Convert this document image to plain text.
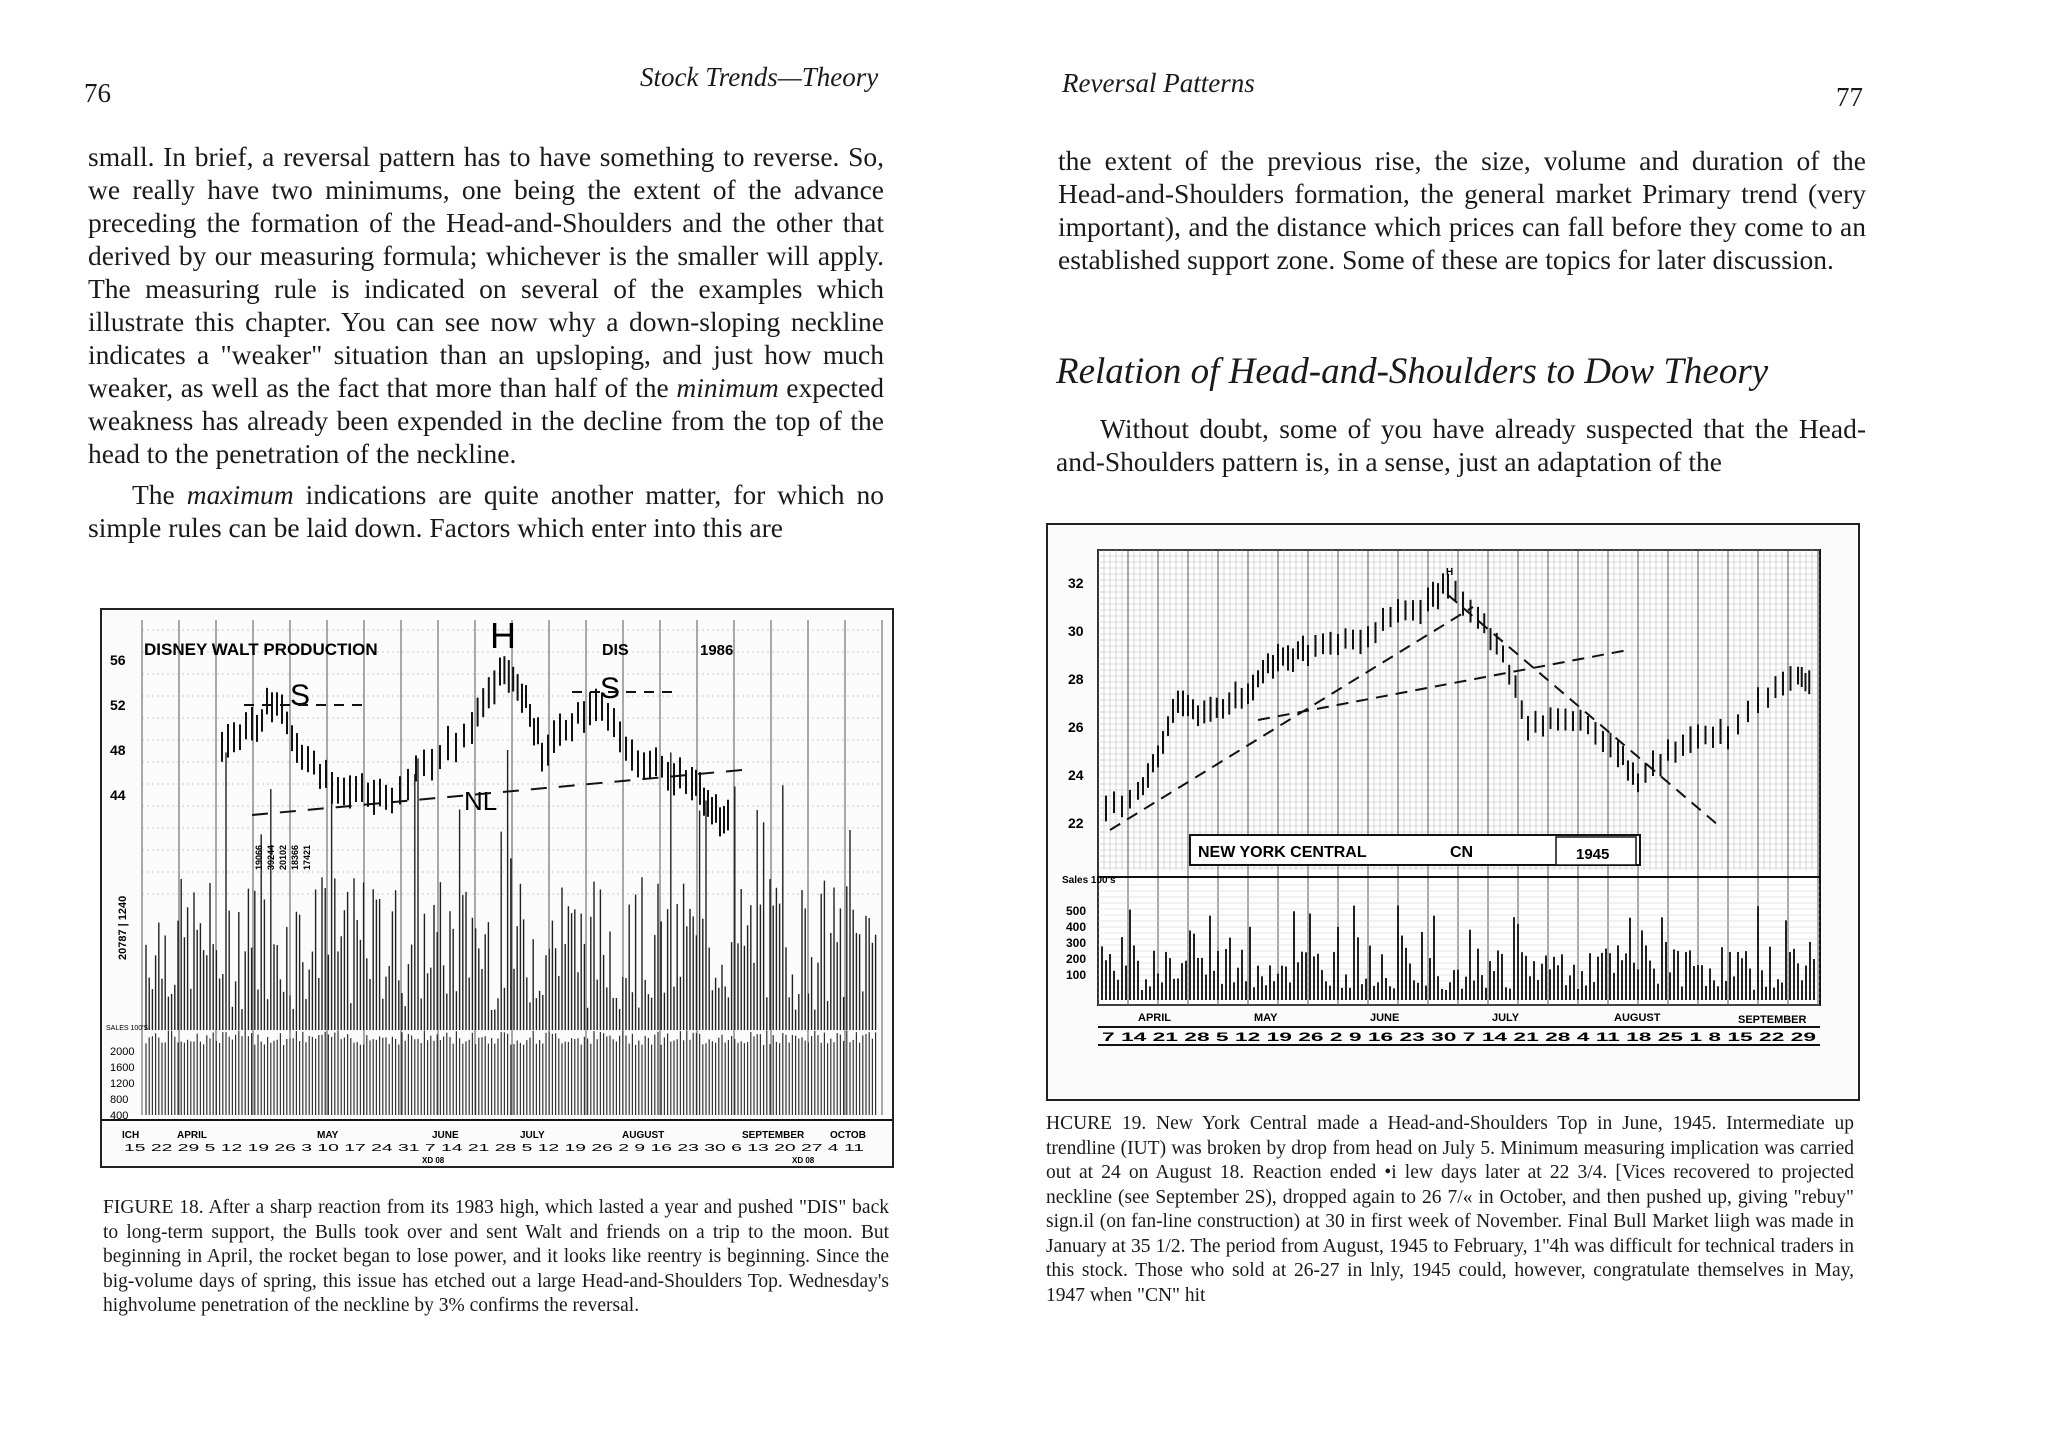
76
Stock Trends—Theory

small. In brief, a reversal pattern has to have something to reverse. So, we really have two minimums, one being the extent of the advance preceding the formation of the Head-and-Shoulders and the other that derived by our measuring formula; whichever is the smaller will apply. The measuring rule is indicated on several of the examples which illustrate this chapter. You can see now why a down-sloping neckline indicates a "weaker" situation than an upsloping, and just how much weaker, as well as the fact that more than half of the minimum expected weakness has already been expended in the decline from the top of the head to the penetration of the neckline.

The maximum indications are quite another matter, for which no simple rules can be laid down. Factors which enter into this are

DISNEY WALT PRODUCTION	DIS	1986
H
S	S
NL
56
52
48
44
SALES 100'S
2000
1600
1200
800
400
20787 | 1240
19066 39244 20102 18366 17421
ICH	APRIL	MAY	JUNE	JULY	AUGUST	SEPTEMBER	OCTOB
15 22 29 5 12 19 26 3 10 17 24 31 7 14 21 28 5 12 19 26 2 9 16 23 30 6 13 20 27 4 11
XD 08	XD 08

FIGURE 18. After a sharp reaction from its 1983 high, which lasted a year and pushed "DIS" back to long-term support, the Bulls took over and sent Walt and friends on a trip to the moon. But beginning in April, the rocket began to lose power, and it looks like reentry is beginning. Since the big-volume days of spring, this issue has etched out a large Head-and-Shoulders Top. Wednesday's highvolume penetration of the neckline by 3% confirms the reversal.

Reversal Patterns	77

the extent of the previous rise, the size, volume and duration of the Head-and-Shoulders formation, the general market Primary trend (very important), and the distance which prices can fall before they come to an established support zone. Some of these are topics for later discussion.

Relation of Head-and-Shoulders to Dow Theory

Without doubt, some of you have already suspected that the Head-and-Shoulders pattern is, in a sense, just an adaptation of the

H
NEW YORK CENTRAL	CN	1945
32
30
28
26
24
22
Sales 100's
500
400
300
200
100
APRIL	MAY	JUNE	JULY	AUGUST	SEPTEMBER
7 14 21 28 5 12 19 26 2 9 16 23 30 7 14 21 28 4 11 18 25 1 8 15 22 29

HCURE 19. New York Central made a Head-and-Shoulders Top in June, 1945. Intermediate up trendline (IUT) was broken by drop from head on July 5. Minimum measuring implication was carried out at 24 on August 18. Reaction ended •i lew days later at 22 3/4. [Vices recovered to projected neckline (see September 2S), dropped again to 26 7/« in October, and then pushed up, giving "rebuy" sign.il (on fan-line construction) at 30 in first week of November. Final Bull Market liigh was made in January at 35 1/2. The period from August, 1945 to February, 1''4h was difficult for technical traders in this stock. Those who sold at 26-27 in lnly, 1945 could, however, congratulate themselves in May, 1947 when "CN" hit
